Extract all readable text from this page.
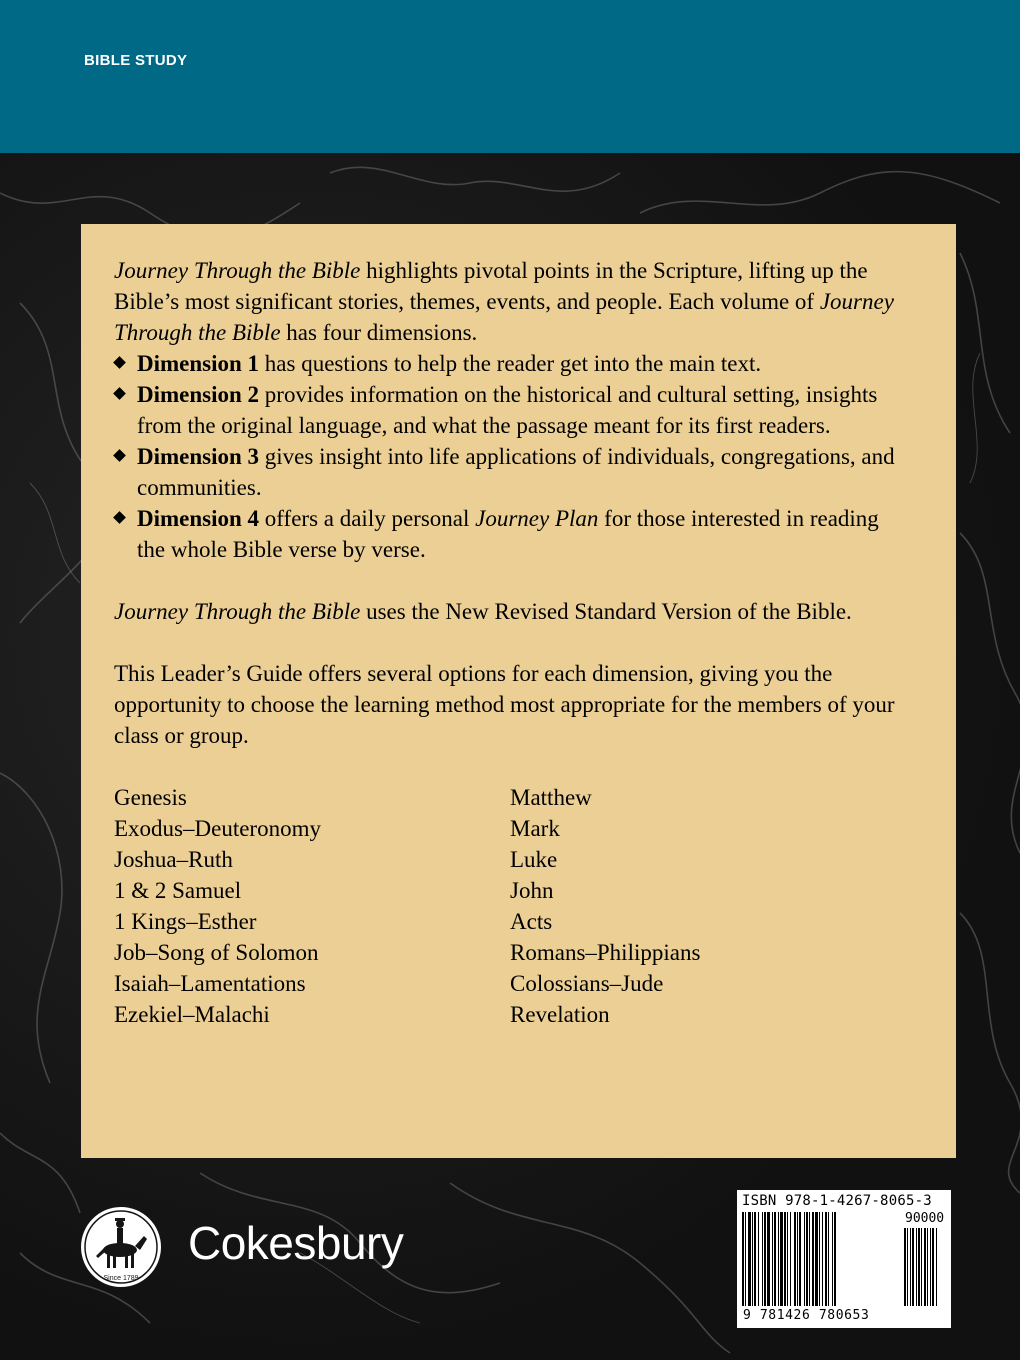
BIBLE STUDY

Journey Through the Bible highlights pivotal points in the Scripture, lifting up the Bible’s most significant stories, themes, events, and people. Each volume of Journey Through the Bible has four dimensions.

Dimension 1 has questions to help the reader get into the main text.
Dimension 2 provides information on the historical and cultural setting, insights from the original language, and what the passage meant for its first readers.
Dimension 3 gives insight into life applications of individuals, congregations, and communities.
Dimension 4 offers a daily personal Journey Plan for those interested in reading the whole Bible verse by verse.

Journey Through the Bible uses the New Revised Standard Version of the Bible.

This Leader’s Guide offers several options for each dimension, giving you the opportunity to choose the learning method most appropriate for the members of your class or group.

Genesis
Exodus–Deuteronomy
Joshua–Ruth
1 & 2 Samuel
1 Kings–Esther
Job–Song of Solomon
Isaiah–Lamentations
Ezekiel–Malachi
Matthew
Mark
Luke
John
Acts
Romans–Philippians
Colossians–Jude
Revelation
Since 1789
Cokesbury
ISBN 978-1-4267-8065-3
90000
9 781426 780653
